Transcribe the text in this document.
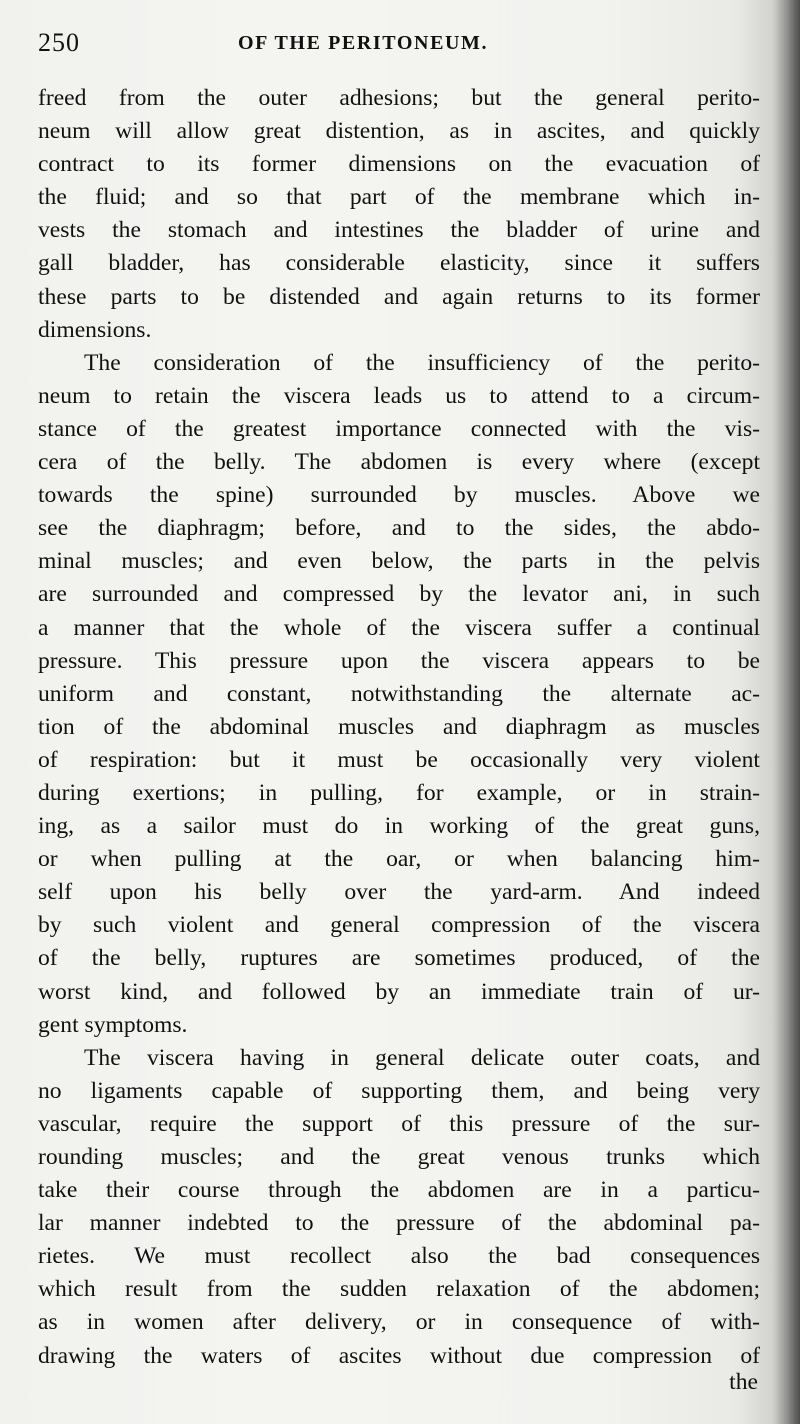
250	OF THE PERITONEUM.
freed from the outer adhesions; but the general perito-
neum will allow great distention, as in ascites, and quickly
contract to its former dimensions on the evacuation of
the fluid; and so that part of the membrane which in-
vests the stomach and intestines the bladder of urine and
gall bladder, has considerable elasticity, since it suffers
these parts to be distended and again returns to its former
dimensions.
The consideration of the insufficiency of the perito-
neum to retain the viscera leads us to attend to a circum-
stance of the greatest importance connected with the vis-
cera of the belly. The abdomen is every where (except
towards the spine) surrounded by muscles. Above we
see the diaphragm; before, and to the sides, the abdo-
minal muscles; and even below, the parts in the pelvis
are surrounded and compressed by the levator ani, in such
a manner that the whole of the viscera suffer a continual
pressure. This pressure upon the viscera appears to be
uniform and constant, notwithstanding the alternate ac-
tion of the abdominal muscles and diaphragm as muscles
of respiration: but it must be occasionally very violent
during exertions; in pulling, for example, or in strain-
ing, as a sailor must do in working of the great guns,
or when pulling at the oar, or when balancing him-
self upon his belly over the yard-arm. And indeed
by such violent and general compression of the viscera
of the belly, ruptures are sometimes produced, of the
worst kind, and followed by an immediate train of ur-
gent symptoms.
The viscera having in general delicate outer coats, and
no ligaments capable of supporting them, and being very
vascular, require the support of this pressure of the sur-
rounding muscles; and the great venous trunks which
take their course through the abdomen are in a particu-
lar manner indebted to the pressure of the abdominal pa-
rietes. We must recollect also the bad consequences
which result from the sudden relaxation of the abdomen;
as in women after delivery, or in consequence of with-
drawing the waters of ascites without due compression of
the
